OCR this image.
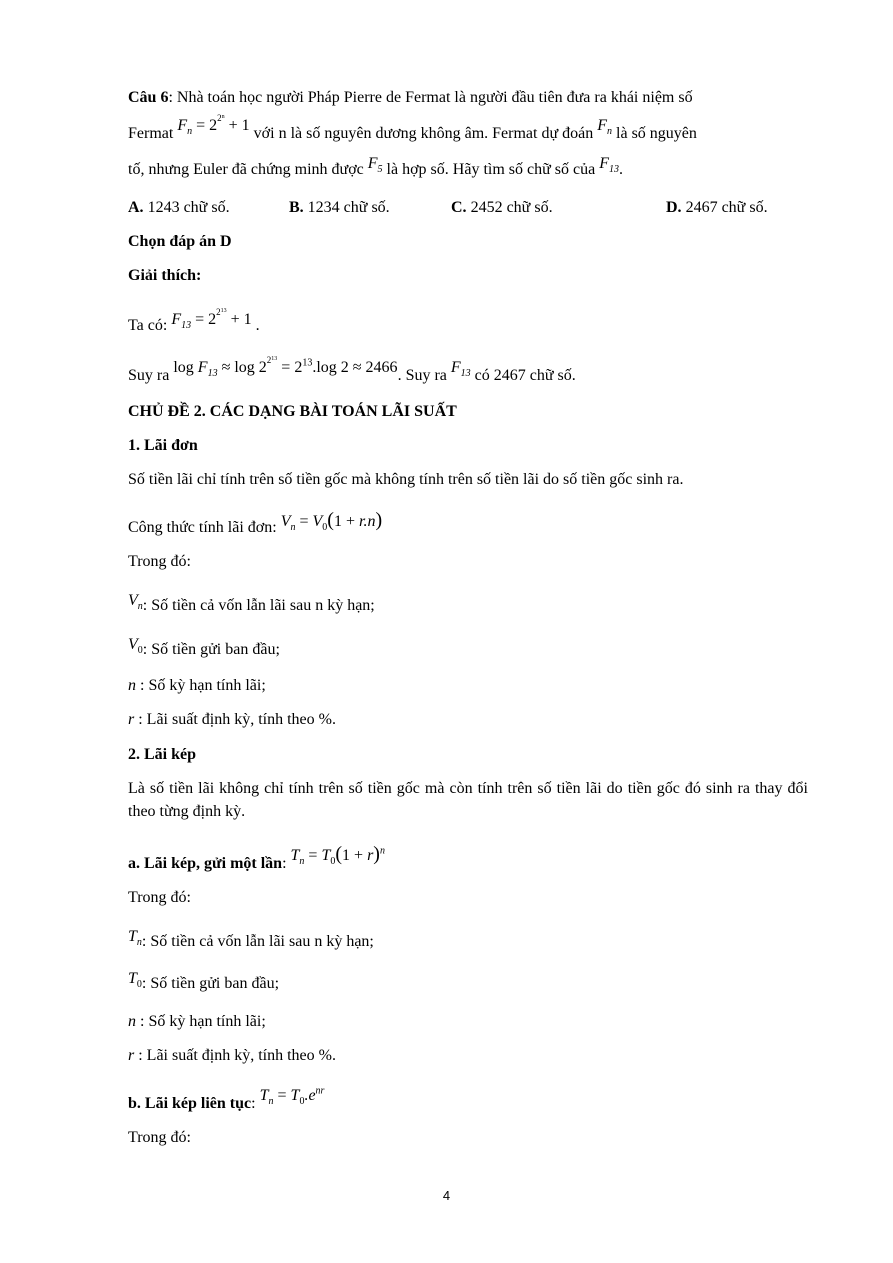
Câu 6: Nhà toán học người Pháp Pierre de Fermat là người đầu tiên đưa ra khái niệm số
Fermat $F_n = 2^{2^n} + 1$ với n là số nguyên dương không âm. Fermat dự đoán $F_n$ là số nguyên
tố, nhưng Euler đã chứng minh được $F_5$ là hợp số. Hãy tìm số chữ số của $F_{13}$.
A. 1243 chữ số.	B. 1234 chữ số.	C. 2452 chữ số.	D. 2467 chữ số.
Chọn đáp án D
Giải thích:
Ta có: $F_{13} = 2^{2^{13}} + 1$ .
Suy ra $\log F_{13} \approx \log 2^{2^{13}} = 2^{13}.\log$ 2 ≈ 2466. Suy ra $F_{13}$ có 2467 chữ số.
CHỦ ĐỀ 2. CÁC DẠNG BÀI TOÁN LÃI SUẤT
1. Lãi đơn
Số tiền lãi chỉ tính trên số tiền gốc mà không tính trên số tiền lãi do số tiền gốc sinh ra.
Công thức tính lãi đơn: $V_n = V_0(1 + r.n)$
Trong đó:
$V_n$: Số tiền cả vốn lẫn lãi sau n kỳ hạn;
$V_0$: Số tiền gửi ban đầu;
n : Số kỳ hạn tính lãi;
r : Lãi suất định kỳ, tính theo %.
2. Lãi kép
Là số tiền lãi không chỉ tính trên số tiền gốc mà còn tính trên số tiền lãi do tiền gốc đó sinh ra thay đổi theo từng định kỳ.
a. Lãi kép, gửi một lần: $T_n = T_0(1 + r)^n$
Trong đó:
$T_n$: Số tiền cả vốn lẫn lãi sau n kỳ hạn;
$T_0$: Số tiền gửi ban đầu;
n : Số kỳ hạn tính lãi;
r : Lãi suất định kỳ, tính theo %.
b. Lãi kép liên tục: $T_n = T_0.e^{nr}$
Trong đó:
4
